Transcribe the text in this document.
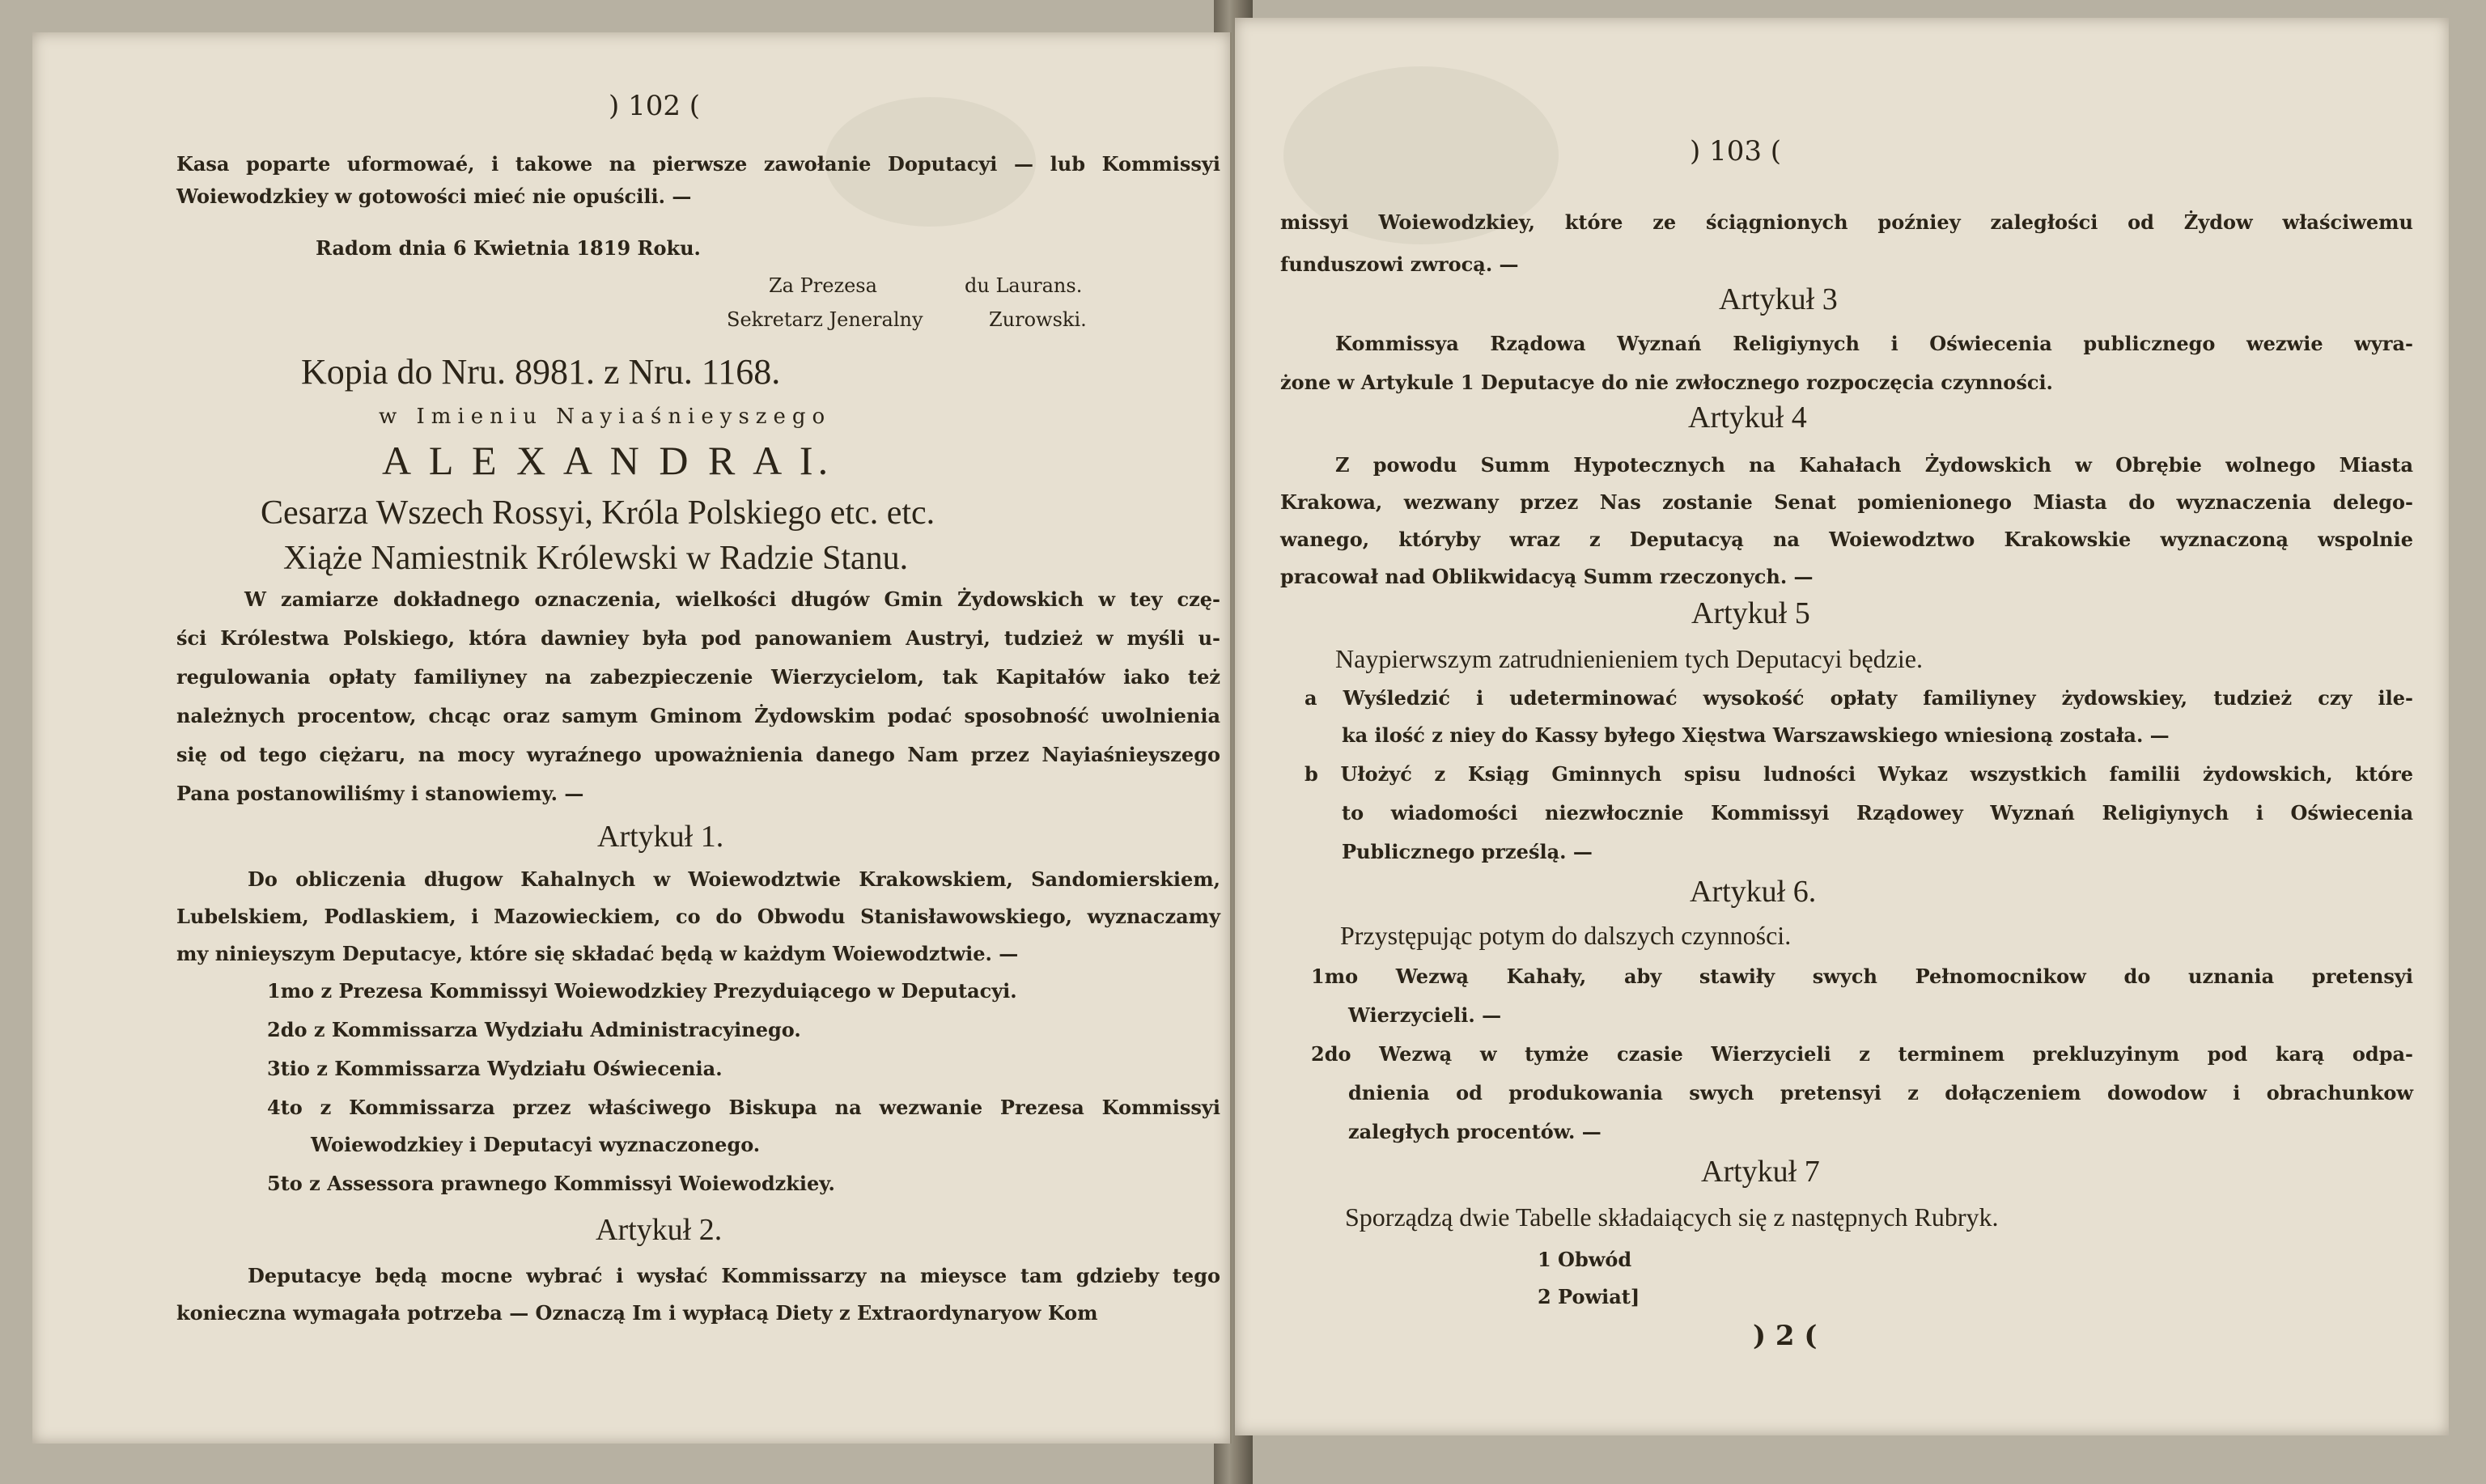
) 102 (
Kasa poparte uformowaé, i takowe na pierwsze zawołanie Doputacyi — lub Kommissyi
Woiewodzkiey w gotowości mieć nie opuścili. —
Radom dnia 6 Kwietnia 1819 Roku.
Za Prezesa	du Laurans.
Sekretarz Jeneralny	Zurowski.
Kopia do Nru. 8981. z Nru. 1168.
w Imieniu Nayiaśnieyszego
A L E X A N D R A I.
Cesarza Wszech Rossyi, Króla Polskiego etc. etc.
Xiąże Namiestnik Królewski w Radzie Stanu.
W zamiarze dokładnego oznaczenia, wielkości długów Gmin Żydowskich w tey czę-
ści Królestwa Polskiego, która dawniey była pod panowaniem Austryi, tudzież w myśli u-
regulowania opłaty familiyney na zabezpieczenie Wierzycielom, tak Kapitałów iako też
należnych procentow, chcąc oraz samym Gminom Żydowskim podać sposobność uwolnienia
się od tego ciężaru, na mocy wyraźnego upoważnienia danego Nam przez Nayiaśnieyszego
Pana postanowiliśmy i stanowiemy. —
Artykuł 1.
Do obliczenia długow Kahalnych w Woiewodztwie Krakowskiem, Sandomierskiem,
Lubelskiem, Podlaskiem, i Mazowieckiem, co do Obwodu Stanisławowskiego, wyznaczamy
my ninieyszym Deputacye, które się składać będą w każdym Woiewodztwie. —
1mo z Prezesa Kommissyi Woiewodzkiey Prezyduiącego w Deputacyi.
2do z Kommissarza Wydziału Administracyinego.
3tio z Kommissarza Wydziału Oświecenia.
4to z Kommissarza przez właściwego Biskupa na wezwanie Prezesa Kommissyi
Woiewodzkiey i Deputacyi wyznaczonego.
5to z Assessora prawnego Kommissyi Woiewodzkiey.
Artykuł 2.
Deputacye będą mocne wybrać i wysłać Kommissarzy na mieysce tam gdzieby tego
konieczna wymagała potrzeba — Oznaczą Im i wypłacą Diety z Extraordynaryow Kom
) 103 (
missyi Woiewodzkiey, które ze ściągnionych poźniey zaległości od Żydow właściwemu
funduszowi zwrocą. —
Artykuł 3
Kommissya Rządowa Wyznań Religiynych i Oświecenia publicznego wezwie wyra-
żone w Artykule 1 Deputacye do nie zwłocznego rozpoczęcia czynności.
Artykuł 4
Z powodu Summ Hypotecznych na Kahałach Żydowskich w Obrębie wolnego Miasta
Krakowa, wezwany przez Nas zostanie Senat pomienionego Miasta do wyznaczenia delego-
wanego, któryby wraz z Deputacyą na Woiewodztwo Krakowskie wyznaczoną wspolnie
pracował nad Oblikwidacyą Summ rzeczonych. —
Artykuł 5
Naypierwszym zatrudnienieniem tych Deputacyi będzie.
a Wyśledzić i udeterminować wysokość opłaty familiyney żydowskiey, tudzież czy ile-
ka ilość z niey do Kassy byłego Xięstwa Warszawskiego wniesioną została. —
b Ułożyć z Ksiąg Gminnych spisu ludności Wykaz wszystkich familii żydowskich, które
to wiadomości niezwłocznie Kommissyi Rządowey Wyznań Religiynych i Oświecenia
Publicznego prześlą. —
Artykuł 6.
Przystępując potym do dalszych czynności.
1mo Wezwą Kahały, aby stawiły swych Pełnomocnikow do uznania pretensyi
Wierzycieli. —
2do Wezwą w tymże czasie Wierzycieli z terminem prekluzyinym pod karą odpa-
dnienia od produkowania swych pretensyi z dołączeniem dowodow i obrachunkow
zaległych procentów. —
Artykuł 7
Sporządzą dwie Tabelle składaiących się z następnych Rubryk.
1 Obwód
2 Powiat]
) 2 (
